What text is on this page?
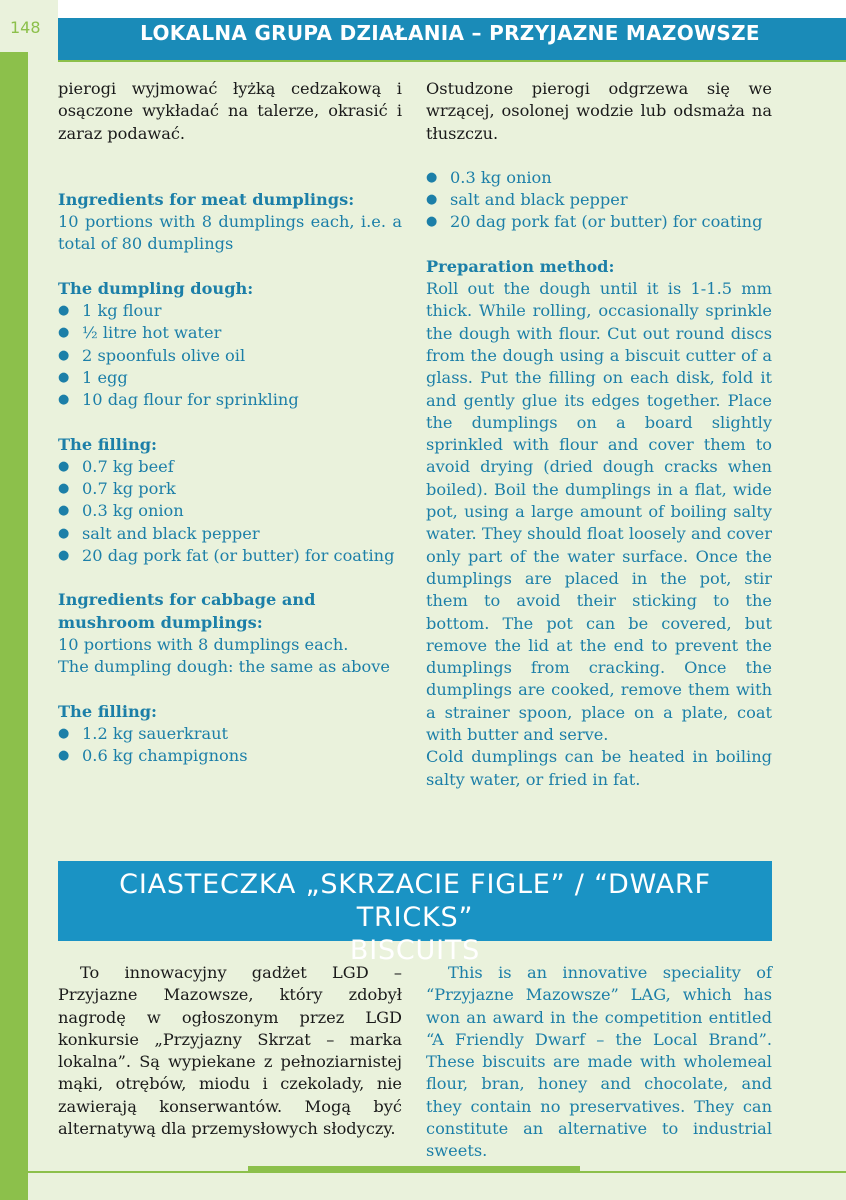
148	LOKALNA GRUPA DZIAŁANIA – PRZYJAZNE MAZOWSZE

pierogi wyjmować łyżką cedzakową i osączone wykładać na talerze, okrasić i zaraz podawać.

Ingredients for meat dumplings:

10 portions with 8 dumplings each, i.e. a total of 80 dumplings

The dumpling dough:

● 1 kg flour
● ½ litre hot water
● 2 spoonfuls olive oil
● 1 egg
● 10 dag flour for sprinkling

The filling:

● 0.7 kg beef
● 0.7 kg pork
● 0.3 kg onion
● salt and black pepper
● 20 dag pork fat (or butter) for coating

Ingredients for cabbage and mushroom dumplings:

10 portions with 8 dumplings each.

The dumpling dough: the same as above

The filling:

● 1.2 kg sauerkraut
● 0.6 kg champignons

Ostudzone pierogi odgrzewa się we wrzącej, osolonej wodzie lub odsmaża na tłuszczu.

● 0.3 kg onion
● salt and black pepper
● 20 dag pork fat (or butter) for coating

Preparation method:

Roll out the dough until it is 1-1.5 mm thick. While rolling, occasionally sprinkle the dough with flour. Cut out round discs from the dough using a biscuit cutter of a glass. Put the filling on each disk, fold it and gently glue its edges together. Place the dumplings on a board slightly sprinkled with flour and cover them to avoid drying (dried dough cracks when boiled). Boil the dumplings in a flat, wide pot, using a large amount of boiling salty water. They should float loosely and cover only part of the water surface. Once the dumplings are placed in the pot, stir them to avoid their sticking to the bottom. The pot can be covered, but remove the lid at the end to prevent the dumplings from cracking. Once the dumplings are cooked, remove them with a strainer spoon, place on a plate, coat with butter and serve.

Cold dumplings can be heated in boiling salty water, or fried in fat.

CIASTECZKA „SKRZACIE FIGLE” / “DWARF TRICKS”
BISCUITS

To innowacyjny gadżet LGD – Przyjazne Mazowsze, który zdobył nagrodę w ogłoszonym przez LGD konkursie „Przyjazny Skrzat – marka lokalna”. Są wypiekane z pełnoziarnistej mąki, otrębów, miodu i czekolady, nie zawierają konserwantów. Mogą być alternatywą dla przemysłowych słodyczy.

This is an innovative speciality of “Przyjazne Mazowsze” LAG, which has won an award in the competition entitled “A Friendly Dwarf – the Local Brand”. These biscuits are made with wholemeal flour, bran, honey and chocolate, and they contain no preservatives. They can constitute an alternative to industrial sweets.
